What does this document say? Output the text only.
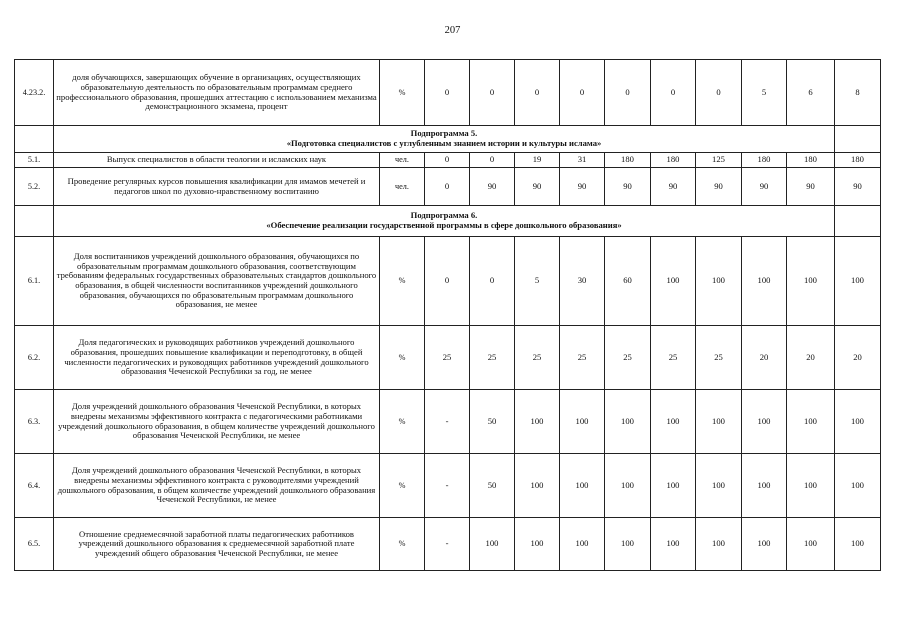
207
4.23.2.	доля обучающихся, завершающих обучение в организациях, осуществляющих образовательную деятельность по образовательным программам среднего профессионального образования, прошедших аттестацию с использованием механизма демонстрационного экзамена, процент	%	0	0	0	0	0	0	0	5	6	8

	Подпрограмма 5.
«Подготовка специалистов с углубленным знанием истории и культуры ислама»											

5.1.	Выпуск специалистов в области теологии и исламских наук	чел.	0	0	19	31	180	180	125	180	180	180
5.2.	Проведение регулярных курсов повышения квалификации для имамов мечетей и педагогов школ по духовно-нравственному воспитанию	чел.	0	90	90	90	90	90	90	90	90	90

	Подпрограмма 6.
«Обеспечение реализации государственной программы в сфере дошкольного образования»											

6.1.	Доля воспитанников учреждений дошкольного образования, обучающихся по образовательным программам дошкольного образования, соответствующим требованиям федеральных государственных образовательных стандартов дошкольного образования, в общей численности воспитанников учреждений дошкольного образования, обучающихся по образовательным программам дошкольного образования, не менее	%	0	0	5	30	60	100	100	100	100	100
6.2.	Доля педагогических и руководящих работников учреждений дошкольного образования, прошедших повышение квалификации и переподготовку, в общей численности педагогических и руководящих работников учреждений дошкольного образования Чеченской Республики за год, не менее	%	25	25	25	25	25	25	25	20	20	20
6.3.	Доля учреждений дошкольного образования Чеченской Республики, в которых внедрены механизмы эффективного контракта с педагогическими работниками учреждений дошкольного образования, в общем количестве учреждений дошкольного образования Чеченской Республики, не менее	%	-	50	100	100	100	100	100	100	100	100
6.4.	Доля учреждений дошкольного образования Чеченской Республики, в которых внедрены механизмы эффективного контракта с руководителями учреждений дошкольного образования, в общем количестве учреждений дошкольного образования Чеченской Республики, не менее	%	-	50	100	100	100	100	100	100	100	100
6.5.	Отношение среднемесячной заработной платы педагогических работников учреждений дошкольного образования к среднемесячной заработной плате учреждений общего образования Чеченской Республики, не менее	%	-	100	100	100	100	100	100	100	100	100
